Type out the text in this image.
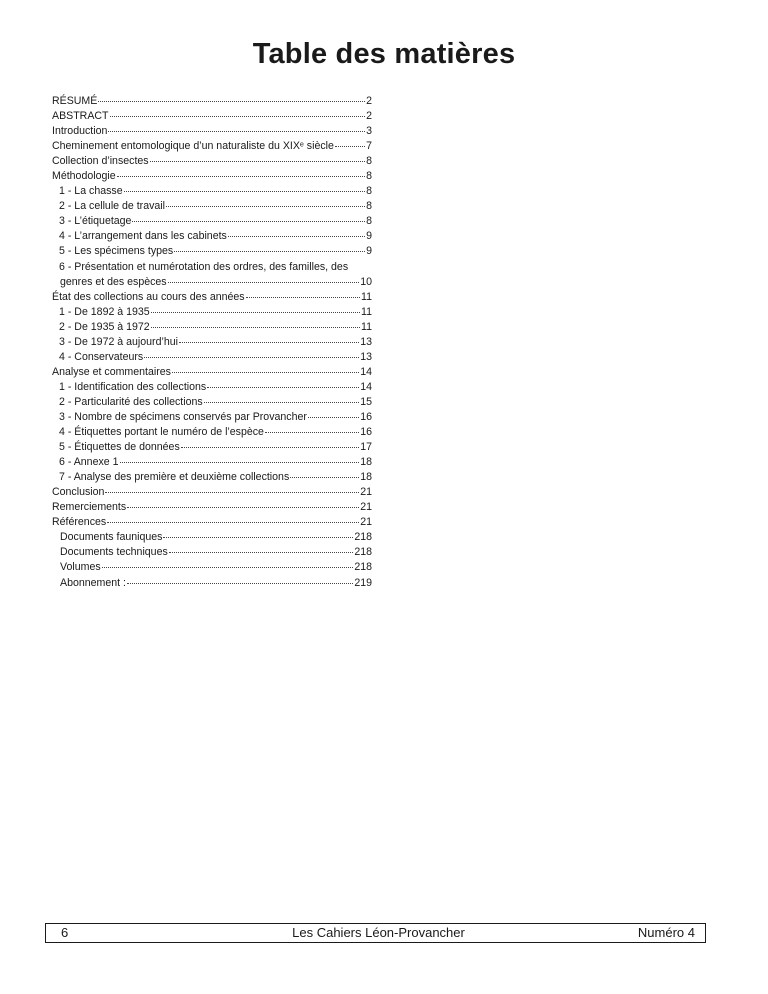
Table des matières
RÉSUMÉ	2
ABSTRACT	2
Introduction	3
Cheminement entomologique d’un naturaliste du XIXᵉ siècle	7
Collection d’insectes	8
Méthodologie	8
1 - La chasse	8
2 - La cellule de travail	8
3 - L’étiquetage	8
4 - L’arrangement dans les cabinets	9
5 - Les spécimens types	9
6 - Présentation et numérotation des ordres, des familles, des
genres et des espèces	10
État des collections au cours des années	11
1 - De 1892 à 1935	11
2 - De 1935 à 1972	11
3 - De 1972 à aujourd’hui	13
4 - Conservateurs	13
Analyse et commentaires	14
1 - Identification des collections	14
2 - Particularité des collections	15
3 - Nombre de spécimens conservés par Provancher	16
4 - Étiquettes portant le numéro de l’espèce	16
5 - Étiquettes de données	17
6 - Annexe 1	18
7 - Analyse des première et deuxième collections	18
Conclusion	21
Remerciements	21
Références	21
Documents fauniques	218
Documents techniques	218
Volumes	218
Abonnement :	219
6	Les Cahiers Léon-Provancher	Numéro 4
